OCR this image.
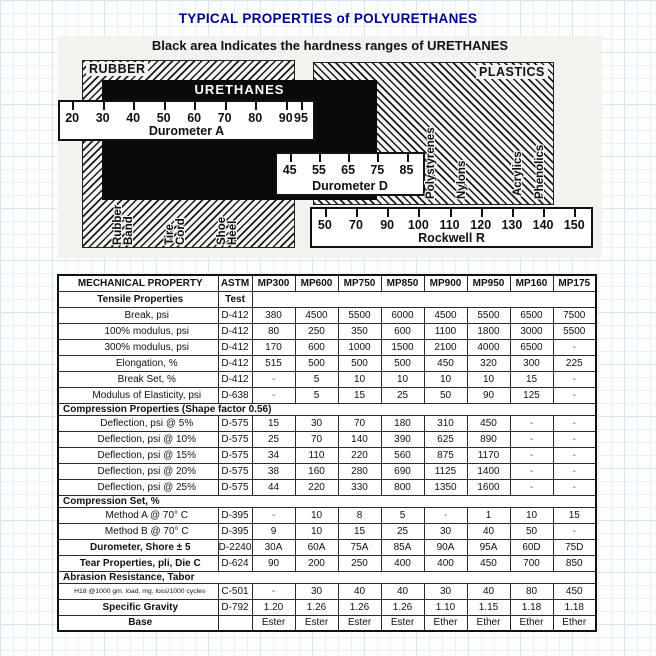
TYPICAL PROPERTIES of POLYURETHANES
Black area Indicates the hardness ranges of URETHANES
RUBBER	PLASTICS
URETHANES
Durometer A
20 30 40 50 60 70 80 90 95
Durometer D
45 55 65 75 85
Rockwell R
50 70 90 100 110 120 130 140 150
Rubber
Band	Tire
Cord	Shoe
Heel
Polystyrenes Nylons	Acrylics Phenolics
MECHANICAL PROPERTY	ASTM	MP300	MP600	MP750	MP850	MP900	MP950	MP160	MP175
Tensile Properties	Test								
Break, psi	D-412	380	4500	5500	6000	4500	5500	6500	7500
100% modulus, psi	D-412	80	250	350	600	1100	1800	3000	5500
300% modulus, psi	D-412	170	600	1000	1500	2100	4000	6500	-
Elongation, %	D-412	515	500	500	500	450	320	300	225
Break Set, %	D-412	-	5	10	10	10	10	15	-
Modulus of Elasticity, psi	D-638	-	5	15	25	50	90	125	-
Compression Properties (Shape factor 0.56)									
Deflection, psi @ 5%	D-575	15	30	70	180	310	450	-	-
Deflection, psi @ 10%	D-575	25	70	140	390	625	890	-	-
Deflection, psi @ 15%	D-575	34	110	220	560	875	1170	-	-
Deflection, psi @ 20%	D-575	38	160	280	690	1125	1400	-	-
Deflection, psi @ 25%	D-575	44	220	330	800	1350	1600	-	-
Compression Set, %									
Method A @ 70° C	D-395	-	10	8	5	-	1	10	15
Method B @ 70° C	D-395	9	10	15	25	30	40	50	-
Durometer, Shore ± 5	D-2240	30A	60A	75A	85A	90A	95A	60D	75D
Tear Properties, pli, Die C	D-624	90	200	250	400	400	450	700	850
Abrasion Resistance, Tabor									
H18 @1000 gm. load, mg. loss/1000 cycles	C-501	-	30	40	40	30	40	80	450
Specific Gravity	D-792	1.20	1.26	1.26	1.26	1.10	1.15	1.18	1.18
Base		Ester	Ester	Ester	Ester	Ether	Ether	Ether	Ether
